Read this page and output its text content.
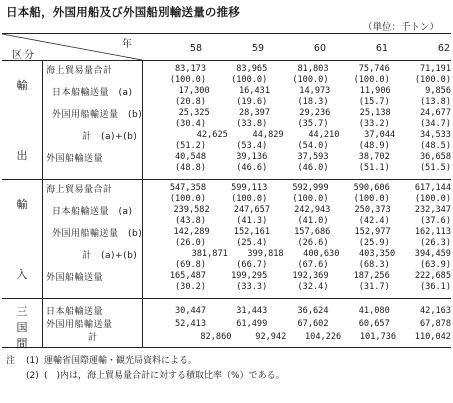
日本船，外国用船及び外国船別輸送量の推移
（単位：千トン）
年
区分
58	59	60	61	62
輸
出
海上貿易量合計	83,173	83,965	81,803	75,746	71,191
(100.0)	(100.0)	(100.0)	(100.0)	(100.0)
日本船輸送量　(a)	17,300	16,431	14,973	11,906	9,856
(20.8)	(19.6)	(18.3)	(15.7)	(13.8)
外国用船輸送量　(b)	25,325	28,397	29,236	25,138	24,677
(30.4)	(33.8)	(35.7)	(33.2)	(34.7)
計　(a)+(b)	42,625	44,829	44,210	37,044	34,533
(51.2)	(53.4)	(54.0)	(48.9)	(48.5)
外国船輸送量	40,548	39,136	37,593	38,702	36,658
(48.8)	(46.6)	(46.0)	(51.1)	(51.5)
輸
入
海上貿易量合計	547,358	599,113	592,999	590,606	617,144
(100.0)	(100.0)	(100.0)	(100.0)	(100.0)
日本船輸送量　(a)	239,582	247,657	242,943	250,373	232,347
(43.8)	(41.3)	(41.0)	(42.4)	(37.6)
外国用船輸送量　(b)	142,289	152,161	157,686	152,977	162,113
(26.0)	(25.4)	(26.6)	(25.9)	(26.3)
計　(a)+(b)	381,871	399,818	400,630	403,350	394,459
(69.8)	(66.7)	(67.6)	(68.3)	(63.9)
外国船輸送量	165,487	199,295	192,369	187,256	222,685
(30.2)	(33.3)	(32.4)	(31.7)	(36.1)
三
国
間
日本船輸送量	30,447	31,443	36,624	41,080	42,163
外国用船輸送量	52,413	61,499	67,602	60,657	67,878
計	82,860	92,942	104,226	101,736	110,042
注	(1) 運輸省国際運輸・観光局資料による。
(2) (　)内は，海上貿易量合計に対する積取比率（%）である。
